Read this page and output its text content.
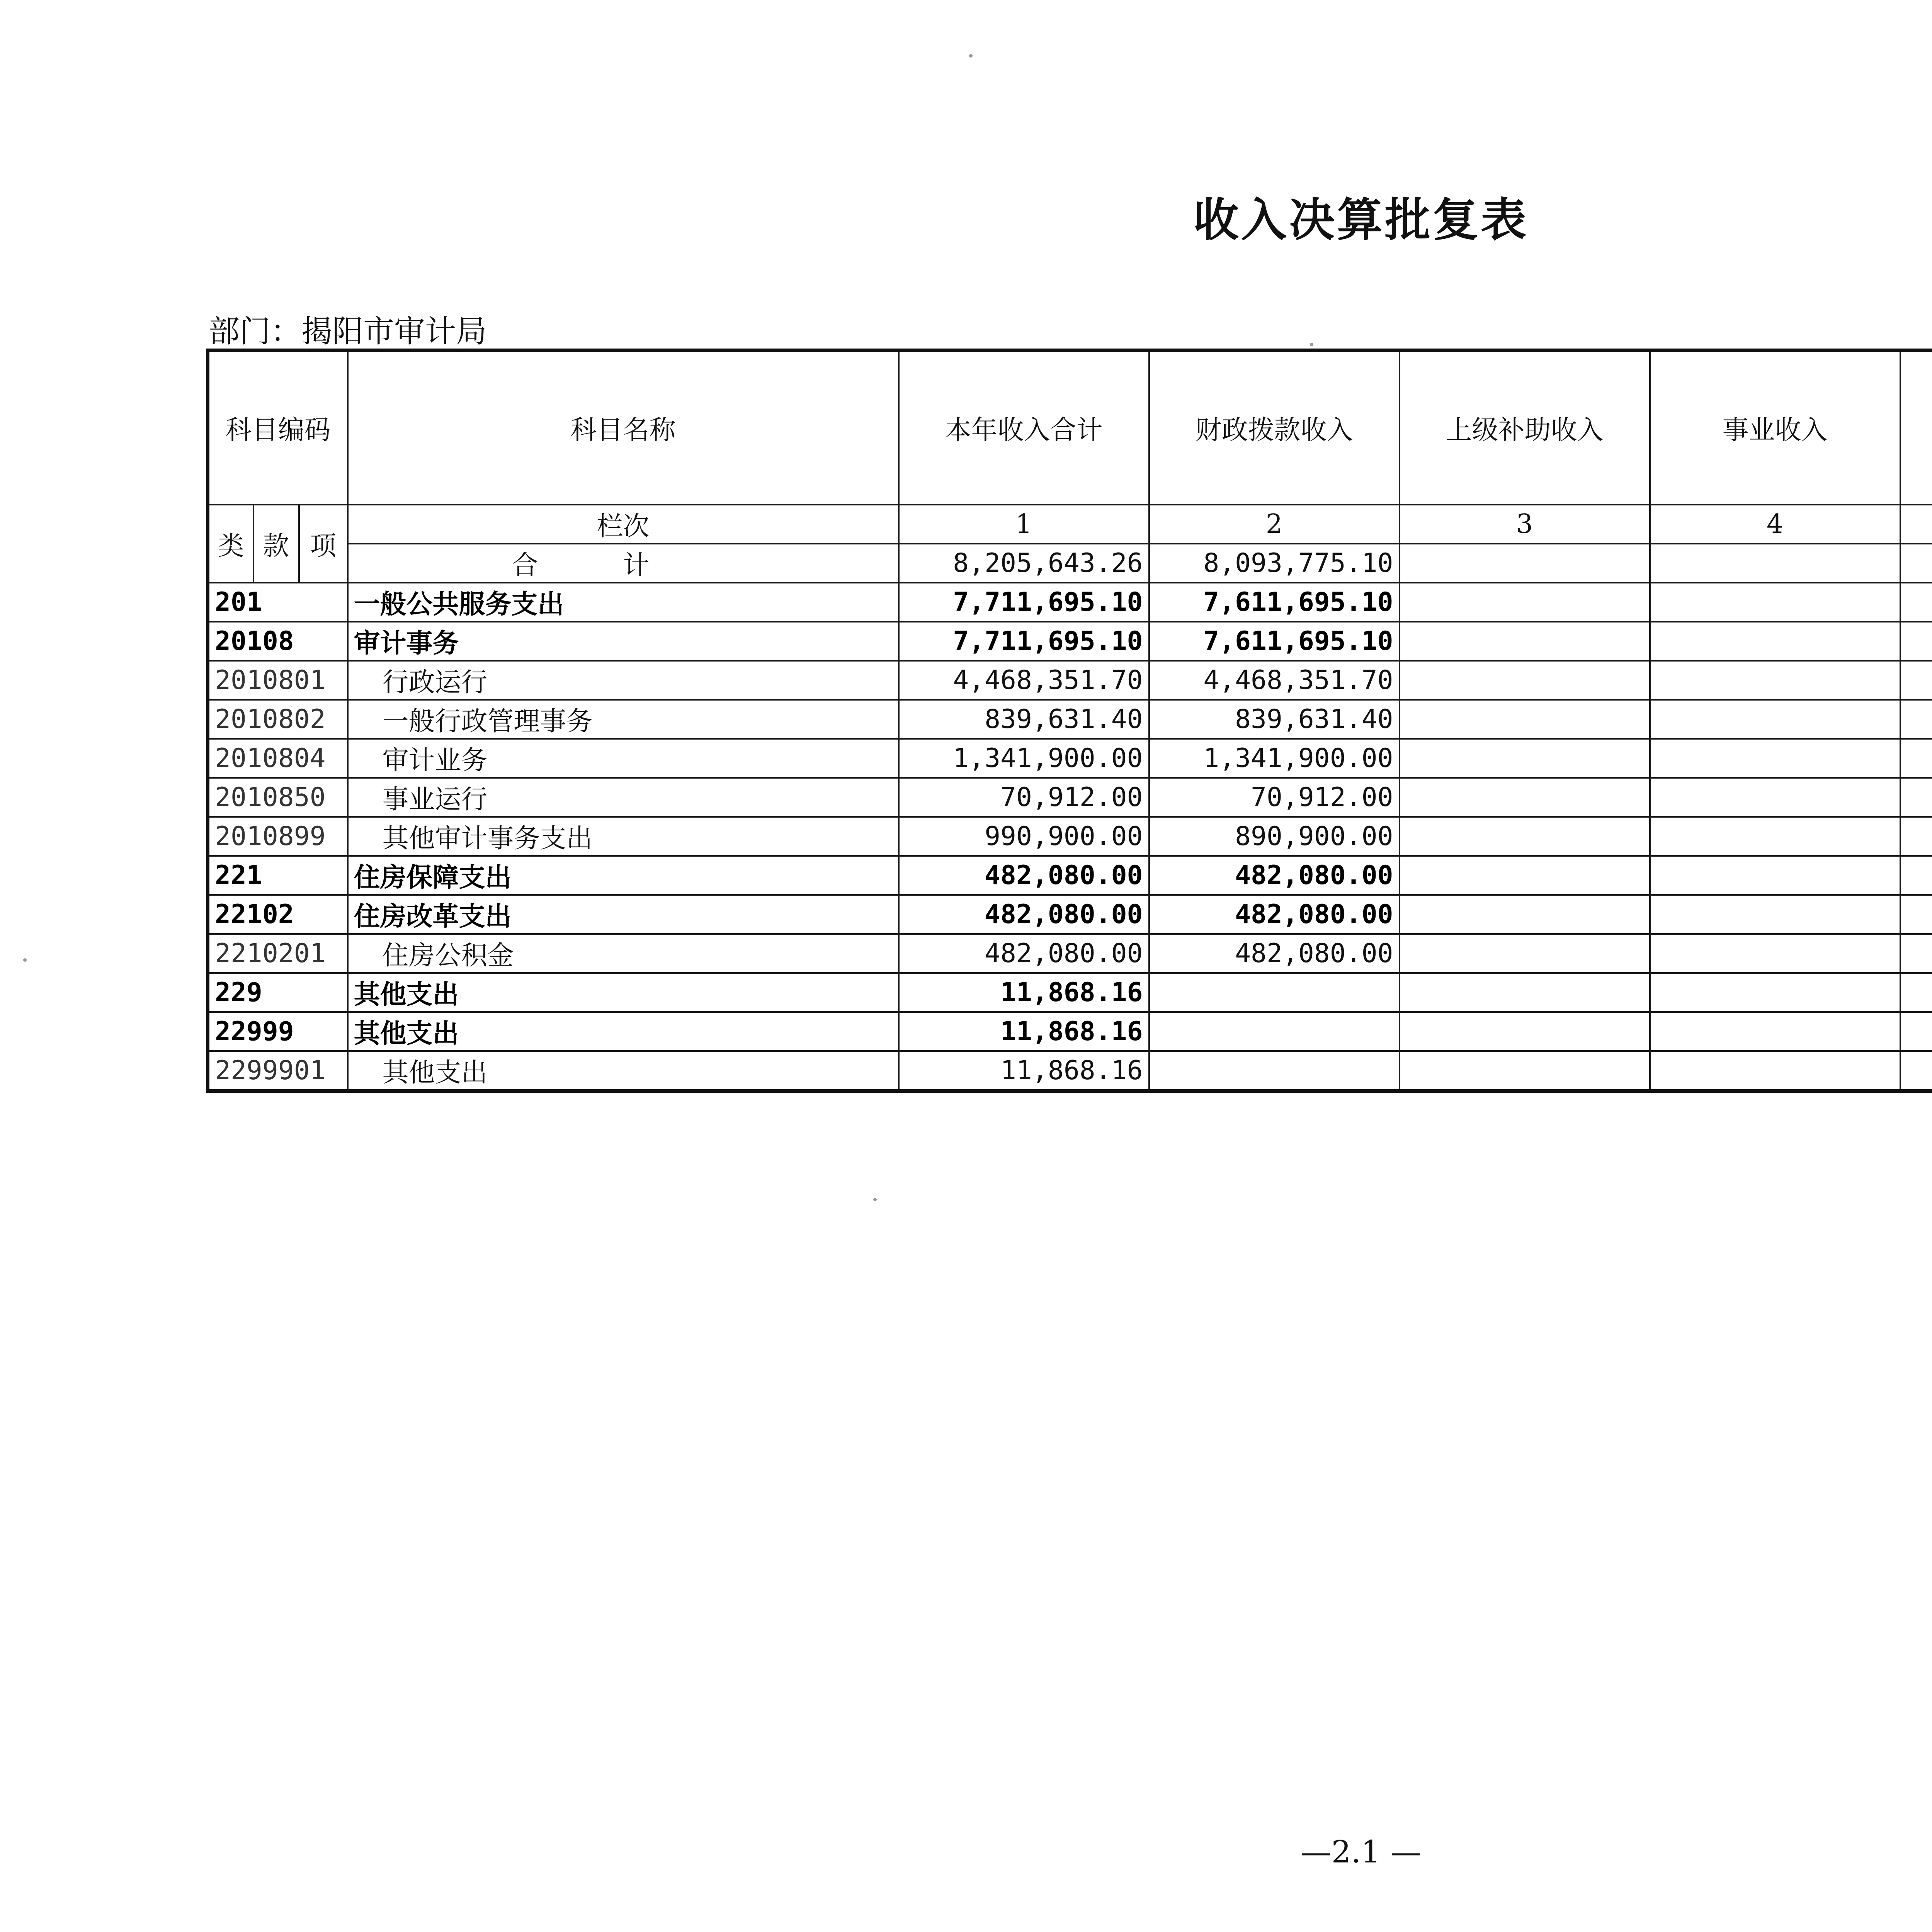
收入决算批复表
部门：揭阳市审计局
科目编码			科目名称	本年收入合计	财政拨款收入	上级补助收入	事业收入			
类	款	项	栏次	1	2	3	4			
			合计	8,205,643.26	8,093,775.10					
201			一般公共服务支出	7,711,695.10	7,611,695.10					
20108			审计事务	7,711,695.10	7,611,695.10					
2010801			行政运行	4,468,351.70	4,468,351.70					
2010802			一般行政管理事务	839,631.40	839,631.40					
2010804			审计业务	1,341,900.00	1,341,900.00					
2010850			事业运行	70,912.00	70,912.00					
2010899			其他审计事务支出	990,900.00	890,900.00					
221			住房保障支出	482,080.00	482,080.00					
22102			住房改革支出	482,080.00	482,080.00					
2210201			住房公积金	482,080.00	482,080.00					
229			其他支出	11,868.16						
22999			其他支出	11,868.16						
2299901			其他支出	11,868.16						
—2.1 —
